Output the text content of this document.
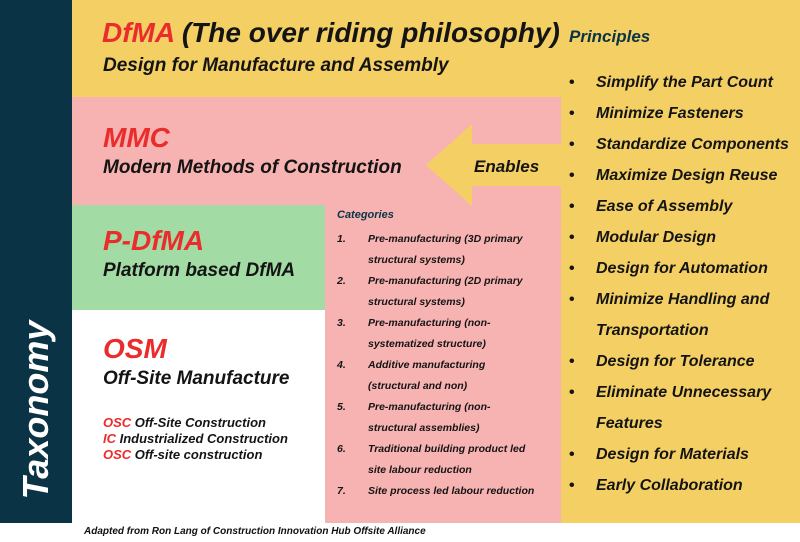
Taxonomy
Enables
DfMA (The over riding philosophy)
Design for Manufacture and Assembly
MMC
Modern Methods of Construction
P-DfMA
Platform based DfMA
OSM
Off-Site Manufacture
OSC Off-Site Construction
IC Industrialized Construction
OSC Off-site construction
Categories
1. Pre-manufacturing (3D primary
structural systems)
2. Pre-manufacturing (2D primary
structural systems)
3. Pre-manufacturing (non-
systematized structure)
4. Additive manufacturing
(structural and non)
5. Pre-manufacturing (non-
structural assemblies)
6. Traditional building product led
site labour reduction
7. Site process led labour reduction
Principles
• Simplify the Part Count
• Minimize Fasteners
• Standardize Components
• Maximize Design Reuse
• Ease of Assembly
• Modular Design
• Design for Automation
• Minimize Handling and
Transportation
• Design for Tolerance
• Eliminate Unnecessary
Features
• Design for Materials
• Early Collaboration
Adapted from Ron Lang of Construction Innovation Hub Offsite Alliance
